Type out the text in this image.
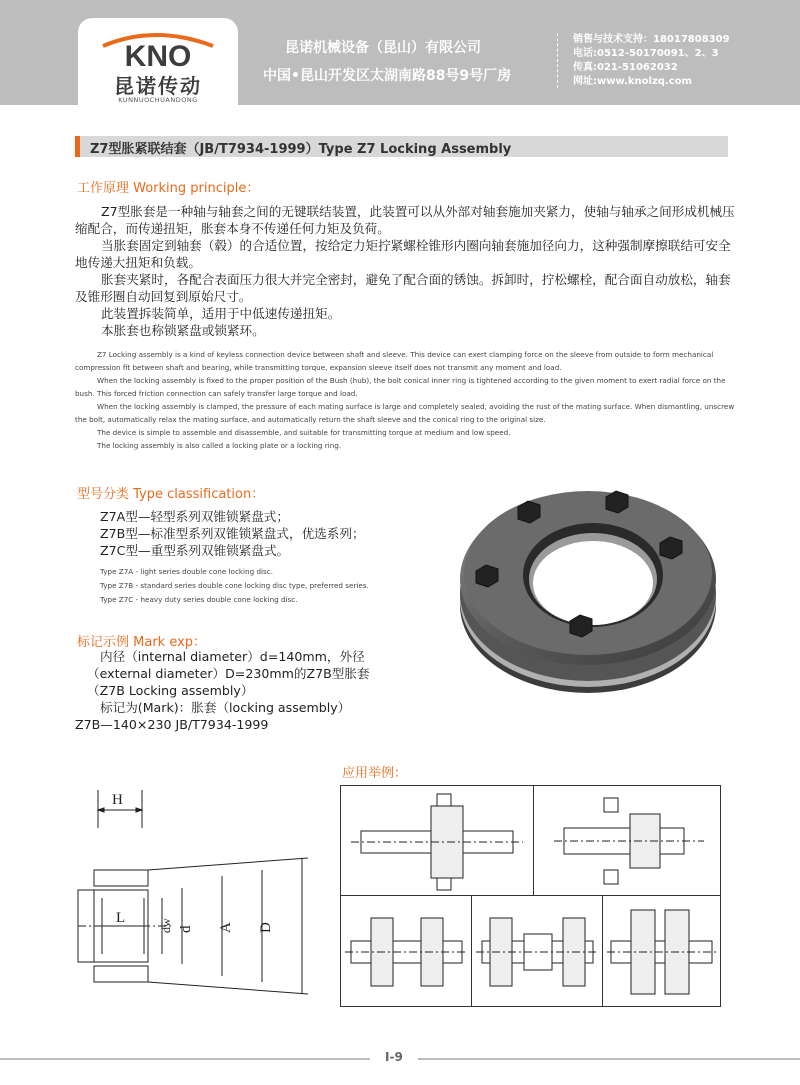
KNO
昆诺传动
KUNNUOCHUANDONG
昆诺机械设备（昆山）有限公司
中国•昆山开发区太湖南路88号9号厂房
销售与技术支持：18017808309
电话:0512-50170091、2、3
传真:021-51062032
网址:www.knolzq.com
Z7型胀紧联结套（JB/T7934-1999）Type Z7 Locking Assembly
工作原理 Working principle：
Z7型胀套是一种轴与轴套之间的无键联结装置，此装置可以从外部对轴套施加夹紧力，使轴与轴承之间形成机械压缩配合，而传递扭矩，胀套本身不传递任何力矩及负荷。
当胀套固定到轴套（毂）的合适位置，按给定力矩拧紧螺栓锥形内圈向轴套施加径向力，这种强制摩擦联结可安全地传递大扭矩和负载。
胀套夹紧时，各配合表面压力很大并完全密封，避免了配合面的锈蚀。拆卸时，拧松螺栓，配合面自动放松，轴套及锥形圈自动回复到原始尺寸。
此装置拆装简单，适用于中低速传递扭矩。
本胀套也称锁紧盘或锁紧环。
Z7 Locking assembly is a kind of keyless connection device between shaft and sleeve. This device can exert clamping force on the sleeve from outside to form mechanical compression fit between shaft and bearing, while transmitting torque, expansion sleeve itself does not transmit any moment and load.
When the locking assembly is fixed to the proper position of the Bush (hub), the bolt conical inner ring is tightened according to the given moment to exert radial force on the bush. This forced friction connection can safely transfer large torque and load.
When the locking assembly is clamped, the pressure of each mating surface is large and completely sealed, avoiding the rust of the mating surface. When dismantling, unscrew the bolt, automatically relax the mating surface, and automatically return the shaft sleeve and the conical ring to the original size.
The device is simple to assemble and disassemble, and suitable for transmitting torque at medium and low speed.
The locking assembly is also called a locking plate or a locking ring.
型号分类 Type classification：
Z7A型—轻型系列双锥锁紧盘式；
Z7B型—标准型系列双锥锁紧盘式，优选系列；
Z7C型—重型系列双锥锁紧盘式。
Type Z7A - light series double cone locking disc.
Type Z7B - standard series double cone locking disc type, preferred series.
Type Z7C - heavy duty series double cone locking disc.
标记示例 Mark exp：
内径（internal diameter）d=140mm，外径
（external diameter）D=230mm的Z7B型胀套
（Z7B Locking assembly）
标记为(Mark)：胀套（locking assembly）
Z7B—140×230 JB/T7934-1999
应用举例：
H
L	dw d A D
I-9
